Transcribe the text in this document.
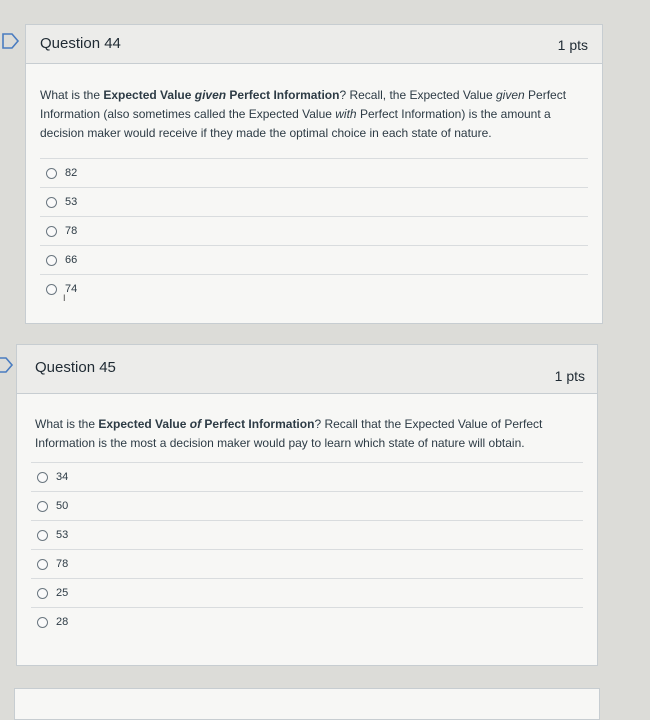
Question 44	1 pts
What is the Expected Value given Perfect Information? Recall, the Expected Value given Perfect Information (also sometimes called the Expected Value with Perfect Information) is the amount a decision maker would receive if they made the optimal choice in each state of nature.
82
53
78
66
74
‍I
Question 45	1 pts
What is the Expected Value of Perfect Information? Recall that the Expected Value of Perfect Information is the most a decision maker would pay to learn which state of nature will obtain.
34
50
53
78
25
28
